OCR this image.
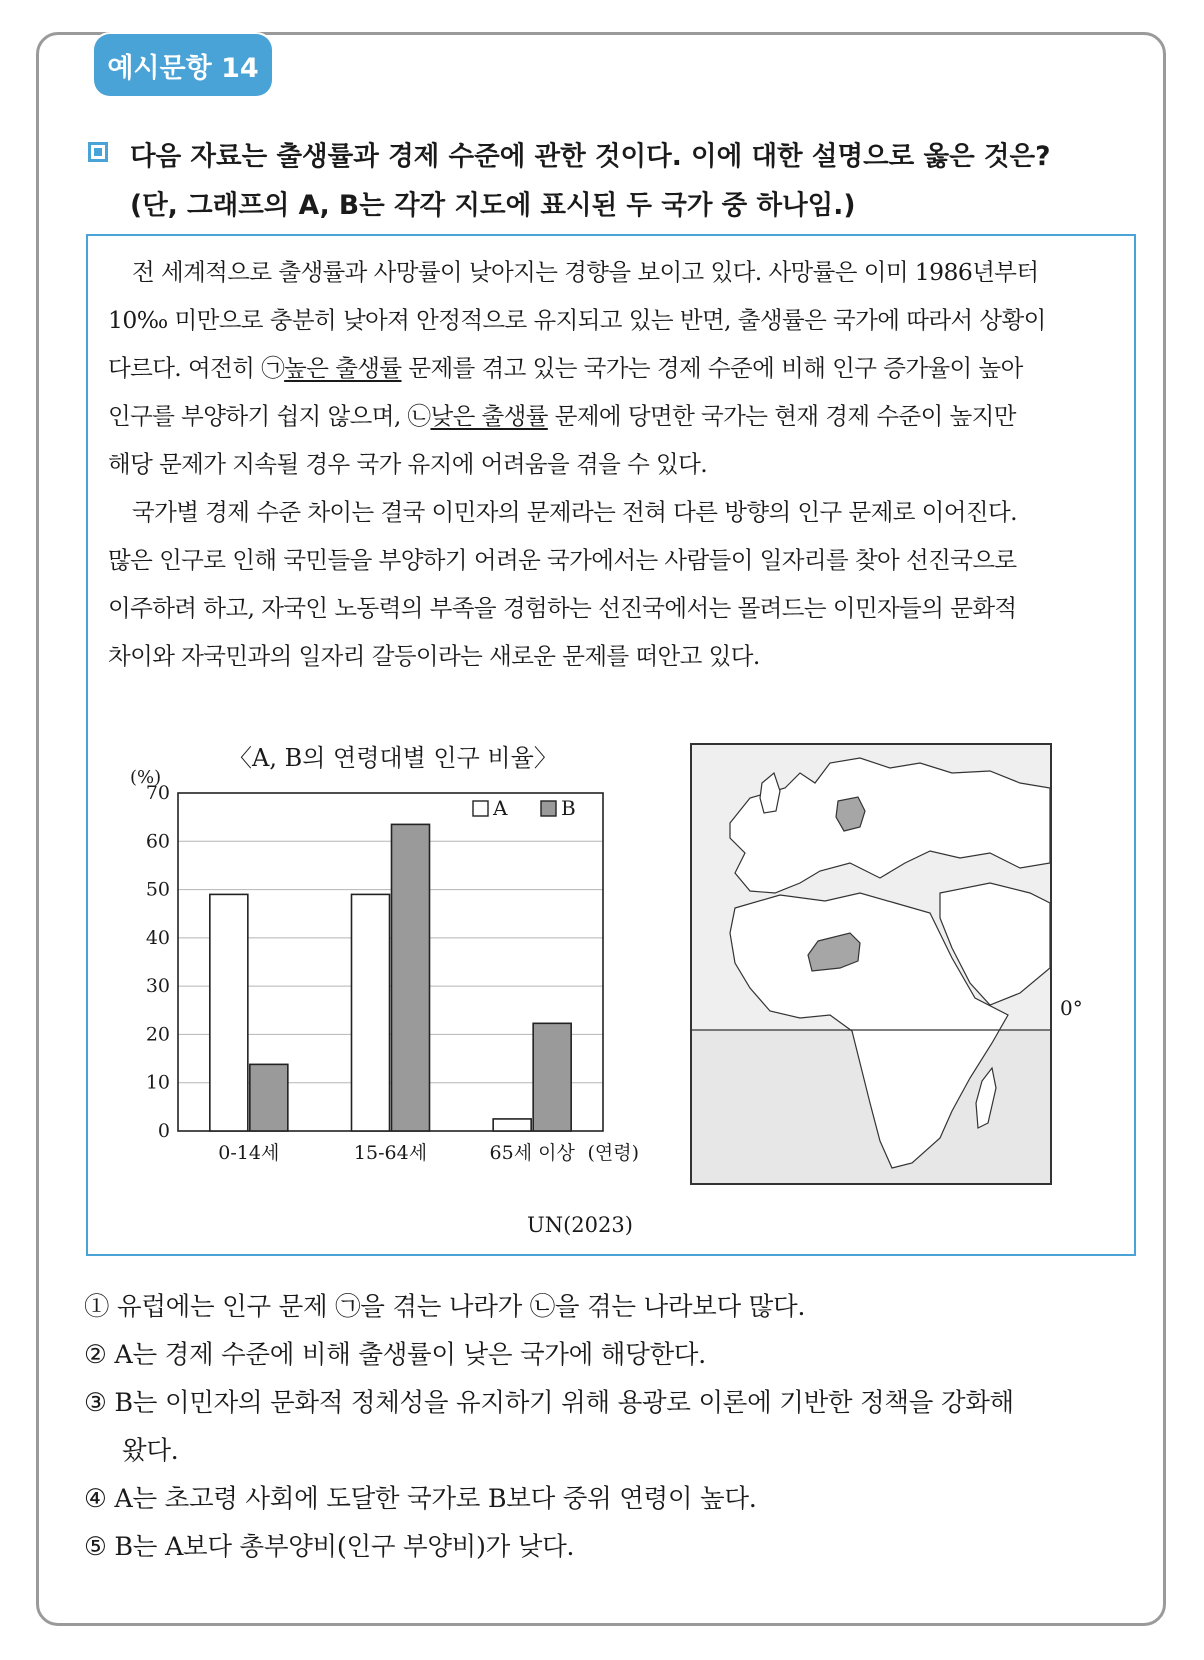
예시문항 14
다음 자료는 출생률과 경제 수준에 관한 것이다. 이에 대한 설명으로 옳은 것은?
(단, 그래프의 A, B는 각각 지도에 표시된 두 국가 중 하나임.)
전 세계적으로 출생률과 사망률이 낮아지는 경향을 보이고 있다. 사망률은 이미 1986년부터
10‰ 미만으로 충분히 낮아져 안정적으로 유지되고 있는 반면, 출생률은 국가에 따라서 상황이
다르다. 여전히 ㉠높은 출생률 문제를 겪고 있는 국가는 경제 수준에 비해 인구 증가율이 높아
인구를 부양하기 쉽지 않으며, ㉡낮은 출생률 문제에 당면한 국가는 현재 경제 수준이 높지만
해당 문제가 지속될 경우 국가 유지에 어려움을 겪을 수 있다.
국가별 경제 수준 차이는 결국 이민자의 문제라는 전혀 다른 방향의 인구 문제로 이어진다.
많은 인구로 인해 국민들을 부양하기 어려운 국가에서는 사람들이 일자리를 찾아 선진국으로
이주하려 하고, 자국인 노동력의 부족을 경험하는 선진국에서는 몰려드는 이민자들의 문화적
차이와 자국민과의 일자리 갈등이라는 새로운 문제를 떠안고 있다.
〈A, B의 연령대별 인구 비율〉
0
10
20
30
40
50
60
70
(%)
0-14세	15-64세	65세 이상 (연령)
A	B
UN(2023)
0°
① 유럽에는 인구 문제 ㉠을 겪는 나라가 ㉡을 겪는 나라보다 많다.
② A는 경제 수준에 비해 출생률이 낮은 국가에 해당한다.
③ B는 이민자의 문화적 정체성을 유지하기 위해 용광로 이론에 기반한 정책을 강화해
왔다.
④ A는 초고령 사회에 도달한 국가로 B보다 중위 연령이 높다.
⑤ B는 A보다 총부양비(인구 부양비)가 낮다.
